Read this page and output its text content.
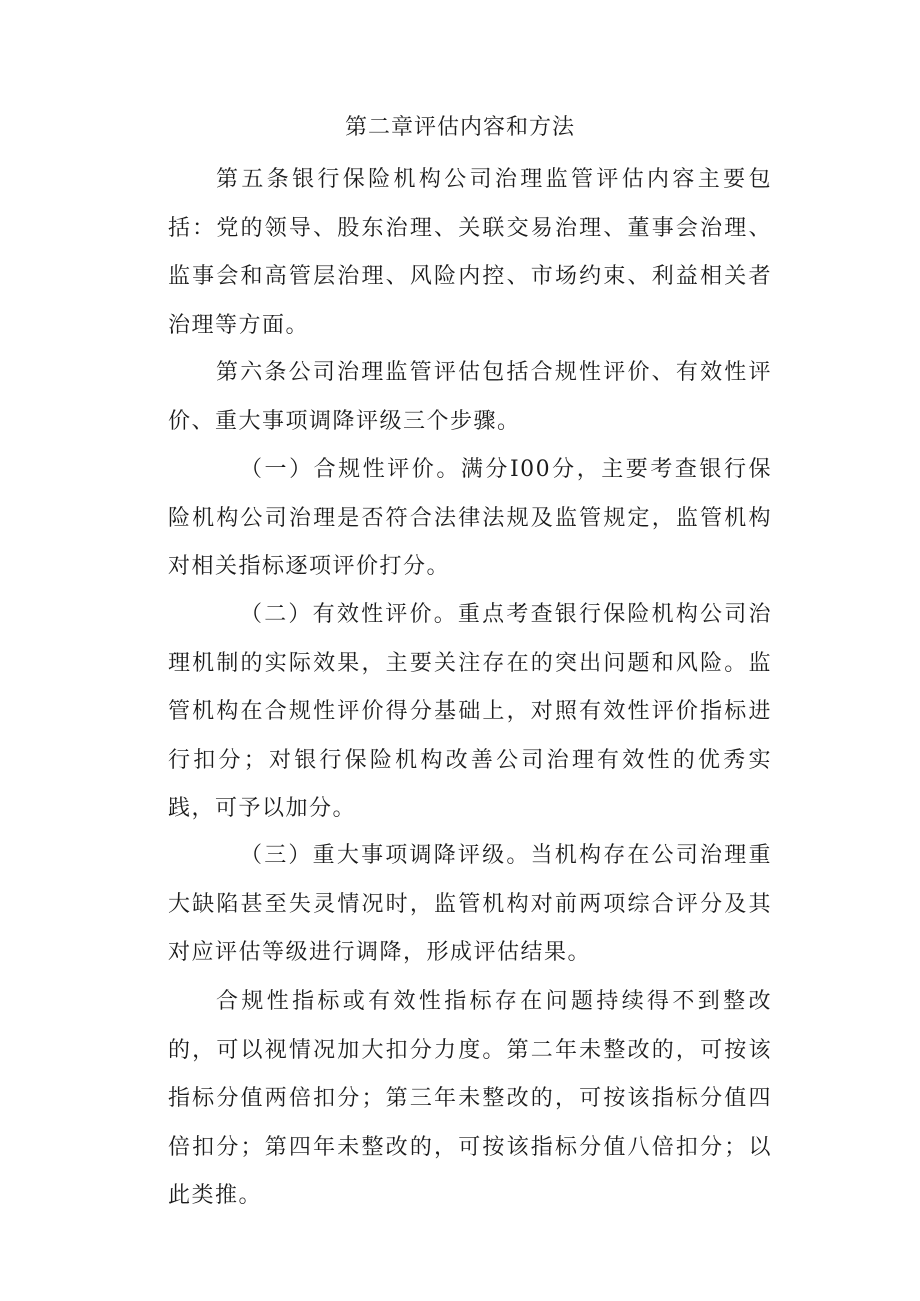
第二章评估内容和方法

第五条银行保险机构公司治理监管评估内容主要包括：党的领导、股东治理、关联交易治理、董事会治理、监事会和高管层治理、风险内控、市场约束、利益相关者治理等方面。

第六条公司治理监管评估包括合规性评价、有效性评价、重大事项调降评级三个步骤。

（一）合规性评价。满分I00分，主要考查银行保险机构公司治理是否符合法律法规及监管规定，监管机构对相关指标逐项评价打分。

（二）有效性评价。重点考查银行保险机构公司治理机制的实际效果，主要关注存在的突出问题和风险。监管机构在合规性评价得分基础上，对照有效性评价指标进行扣分；对银行保险机构改善公司治理有效性的优秀实践，可予以加分。

（三）重大事项调降评级。当机构存在公司治理重大缺陷甚至失灵情况时，监管机构对前两项综合评分及其对应评估等级进行调降，形成评估结果。

合规性指标或有效性指标存在问题持续得不到整改的，可以视情况加大扣分力度。第二年未整改的，可按该指标分值两倍扣分；第三年未整改的，可按该指标分值四倍扣分；第四年未整改的，可按该指标分值八倍扣分；以此类推。
